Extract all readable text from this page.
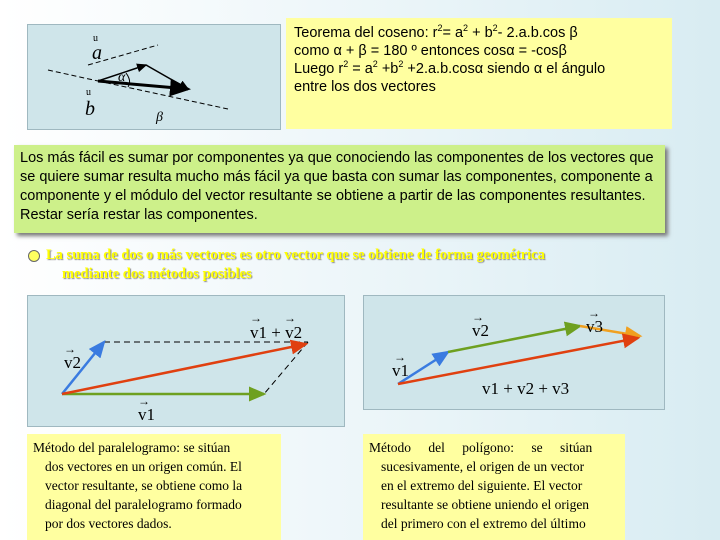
a
u
b
u
α
β
Teorema del coseno: $r^2= a^2 + b^2-$ 2.a.b.cos β
como α + β = 180 º entonces cosα = -cosβ
Luego $r^2 = a^2 +b^2 +2.a.b.\cos\alpha$ siendo α el ángulo
entre los dos vectores
Los más fácil es sumar por componentes ya que conociendo las componentes de los vectores que se quiere sumar resulta mucho más fácil ya que basta con sumar las componentes, componente a componente y el módulo del vector resultante se obtiene a partir de las componentes resultantes. Restar sería restar las componentes.
La suma de dos o más vectores es otro vector que se obtiene de forma geométrica
mediante dos métodos posibles
v1 + v2
→ →
v2
→
v1
→
v2
→	v3
→
v1
→
v1 + v2 + v3
Método del paralelogramo: se sitúan
dos vectores en un origen común. El
vector resultante, se obtiene como la
diagonal del paralelogramo formado
por dos vectores dados.
Método del polígono: se sitúan
sucesivamente, el origen de un vector
en el extremo del siguiente. El vector
resultante se obtiene uniendo el origen
del primero con el extremo del último
